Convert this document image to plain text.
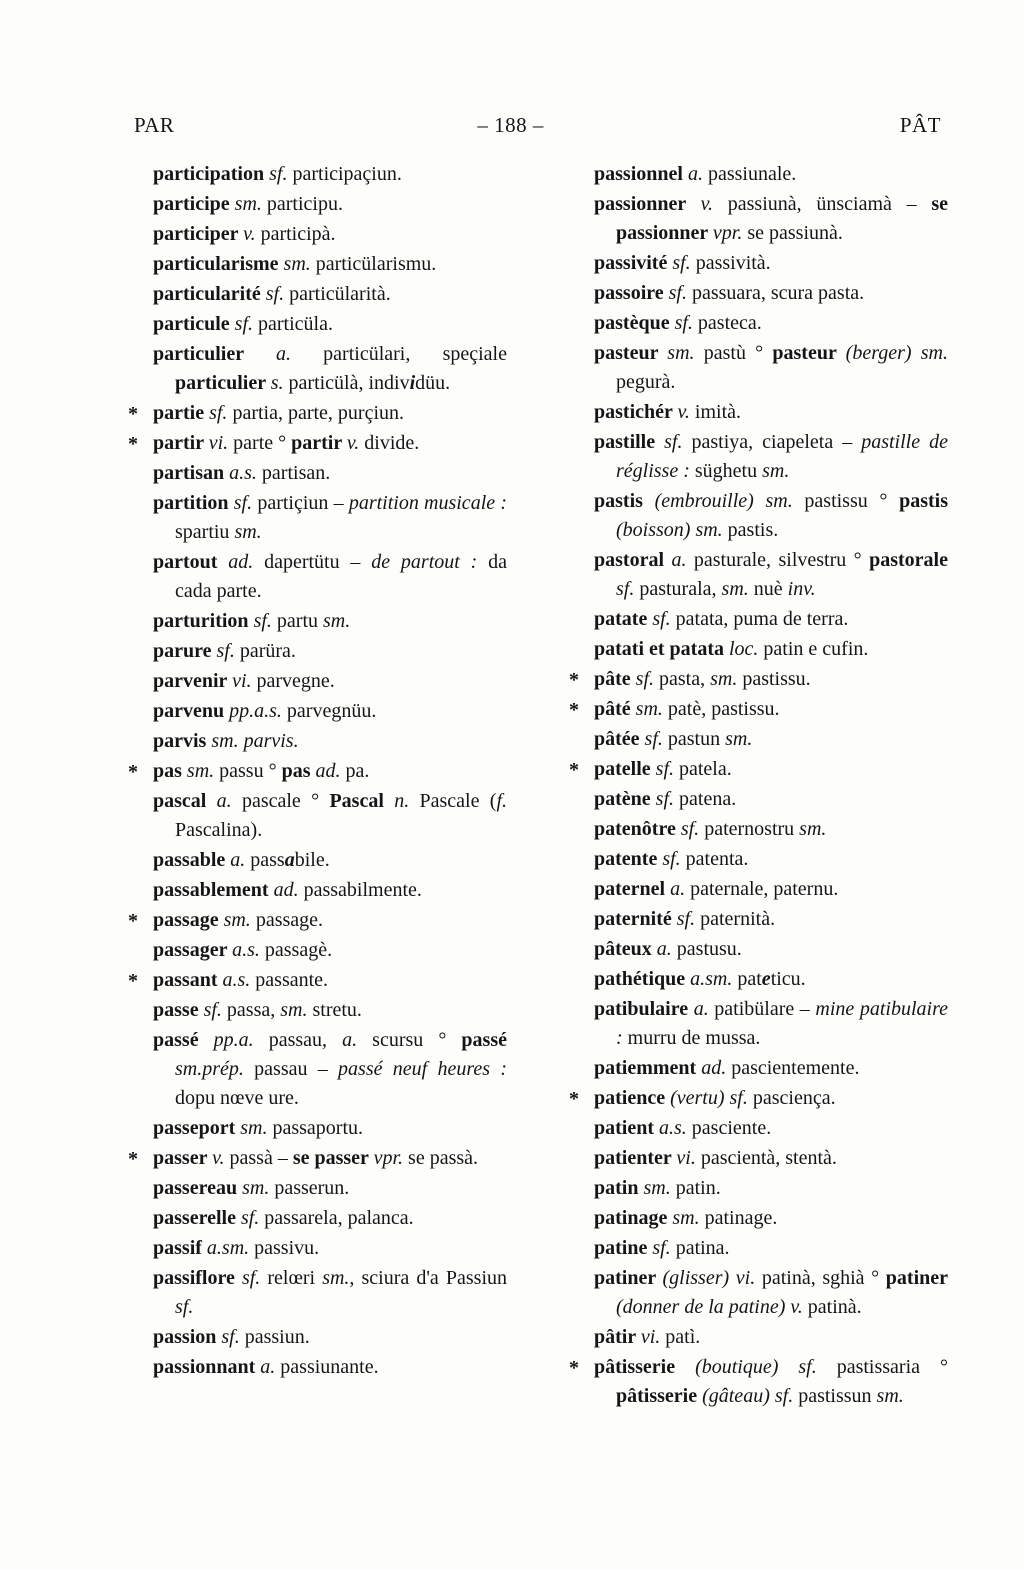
PAR	– 188 –	PÂT

participation sf. participaçiun.

participe sm. participu.

participer v. participà.

particularisme sm. particülarismu.

particularité sf. particülarità.

particule sf. particüla.

particulier a. particülari, speçiale particulier s. particülà, individüu.

* partie sf. partia, parte, purçiun.

* partir vi. parte ° partir v. divide.

partisan a.s. partisan.

partition sf. partiçiun – partition musicale : spartiu sm.

partout ad. dapertütu – de partout : da cada parte.

parturition sf. partu sm.

parure sf. parüra.

parvenir vi. parvegne.

parvenu pp.a.s. parvegnüu.

parvis sm. parvis.

* pas sm. passu ° pas ad. pa.

pascal a. pascale ° Pascal n. Pascale (f. Pascalina).

passable a. passabile.

passablement ad. passabilmente.

* passage sm. passage.

passager a.s. passagè.

* passant a.s. passante.

passe sf. passa, sm. stretu.

passé pp.a. passau, a. scursu ° passé sm.prép. passau – passé neuf heures : dopu nœve ure.

passeport sm. passaportu.

* passer v. passà – se passer vpr. se passà.

passereau sm. passerun.

passerelle sf. passarela, palanca.

passif a.sm. passivu.

passiflore sf. relœri sm., sciura d'a Passiun sf.

passion sf. passiun.

passionnant a. passiunante.

passionnel a. passiunale.

passionner v. passiunà, ünsciamà – se passionner vpr. se passiunà.

passivité sf. passività.

passoire sf. passuara, scura pasta.

pastèque sf. pasteca.

pasteur sm. pastù ° pasteur (berger) sm. pegurà.

pastichér v. imità.

pastille sf. pastiya, ciapeleta – pastille de réglisse : süghetu sm.

pastis (embrouille) sm. pastissu ° pastis (boisson) sm. pastis.

pastoral a. pasturale, silvestru ° pastorale sf. pasturala, sm. nuè inv.

patate sf. patata, puma de terra.

patati et patata loc. patin e cufin.

* pâte sf. pasta, sm. pastissu.

* pâté sm. patè, pastissu.

pâtée sf. pastun sm.

* patelle sf. patela.

patène sf. patena.

patenôtre sf. paternostru sm.

patente sf. patenta.

paternel a. paternale, paternu.

paternité sf. paternità.

pâteux a. pastusu.

pathétique a.sm. pateticu.

patibulaire a. patibülare – mine patibulaire : murru de mussa.

patiemment ad. pascientemente.

* patience (vertu) sf. pasciença.

patient a.s. pasciente.

patienter vi. pascientà, stentà.

patin sm. patin.

patinage sm. patinage.

patine sf. patina.

patiner (glisser) vi. patinà, sghià ° patiner (donner de la patine) v. patinà.

pâtir vi. patì.

* pâtisserie (boutique) sf. pastissaria ° pâtisserie (gâteau) sf. pastissun sm.
